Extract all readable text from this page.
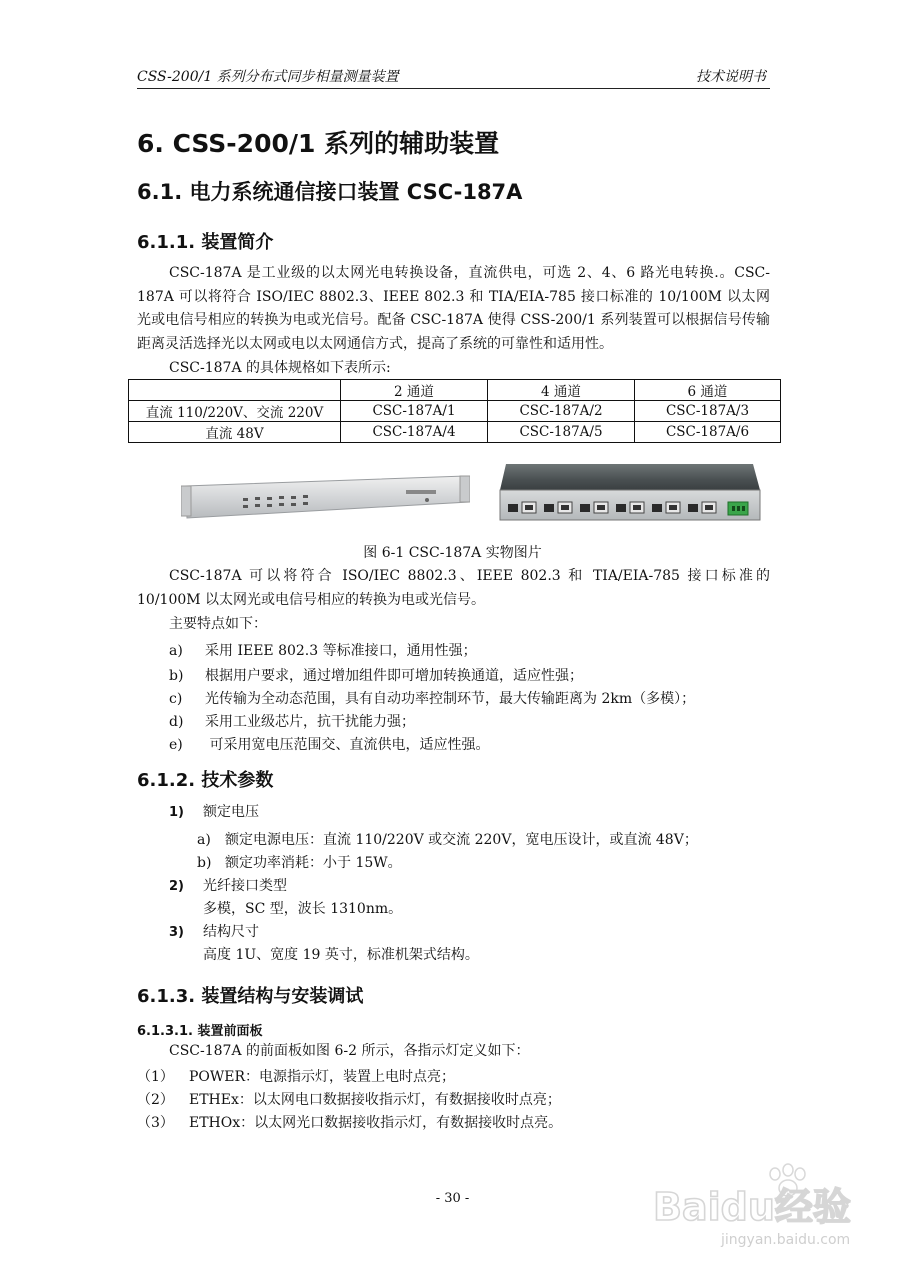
CSS-200/1 系列分布式同步相量测量装置	技术说明书
6. CSS-200/1 系列的辅助装置
6.1. 电力系统通信接口装置 CSC-187A
6.1.1. 装置简介

CSC-187A 是工业级的以太网光电转换设备，直流供电，可选 2、4、6 路光电转换.。CSC-187A 可以将符合 ISO/IEC 8802.3、IEEE 802.3 和 TIA/EIA-785 接口标准的 10/100M 以太网光或电信号相应的转换为电或光信号。配备 CSC-187A 使得 CSS-200/1 系列装置可以根据信号传输距离灵活选择光以太网或电以太网通信方式，提高了系统的可靠性和适用性。

CSC-187A 的具体规格如下表所示:
	2 通道	4 通道	6 通道
直流 110/220V、交流 220V	CSC-187A/1	CSC-187A/2	CSC-187A/3
直流 48V	CSC-187A/4	CSC-187A/5	CSC-187A/6
图 6-1 CSC-187A 实物图片

CSC-187A 可以将符合 ISO/IEC 8802.3、IEEE 802.3 和 TIA/EIA-785 接口标准的 10/100M 以太网光或电信号相应的转换为电或光信号。

主要特点如下：
a) 采用 IEEE 802.3 等标准接口，通用性强；
b) 根据用户要求，通过增加组件即可增加转换通道，适应性强；
c) 光传输为全动态范围，具有自动功率控制环节，最大传输距离为 2km（多模）；
d) 采用工业级芯片，抗干扰能力强；
e) 可采用宽电压范围交、直流供电，适应性强。
6.1.2. 技术参数
1) 额定电压
a) 额定电源电压：直流 110/220V 或交流 220V，宽电压设计，或直流 48V；
b) 额定功率消耗：小于 15W。
2) 光纤接口类型
多模，SC 型，波长 1310nm。
3) 结构尺寸
高度 1U、宽度 19 英寸，标准机架式结构。
6.1.3. 装置结构与安装调试
6.1.3.1. 装置前面板
CSC-187A 的前面板如图 6-2 所示，各指示灯定义如下：
（1） POWER：电源指示灯，装置上电时点亮；
（2） ETHEx：以太网电口数据接收指示灯，有数据接收时点亮；
（3） ETHOx：以太网光口数据接收指示灯，有数据接收时点亮。
- 30 -	Baidu经验
jingyan.baidu.com
